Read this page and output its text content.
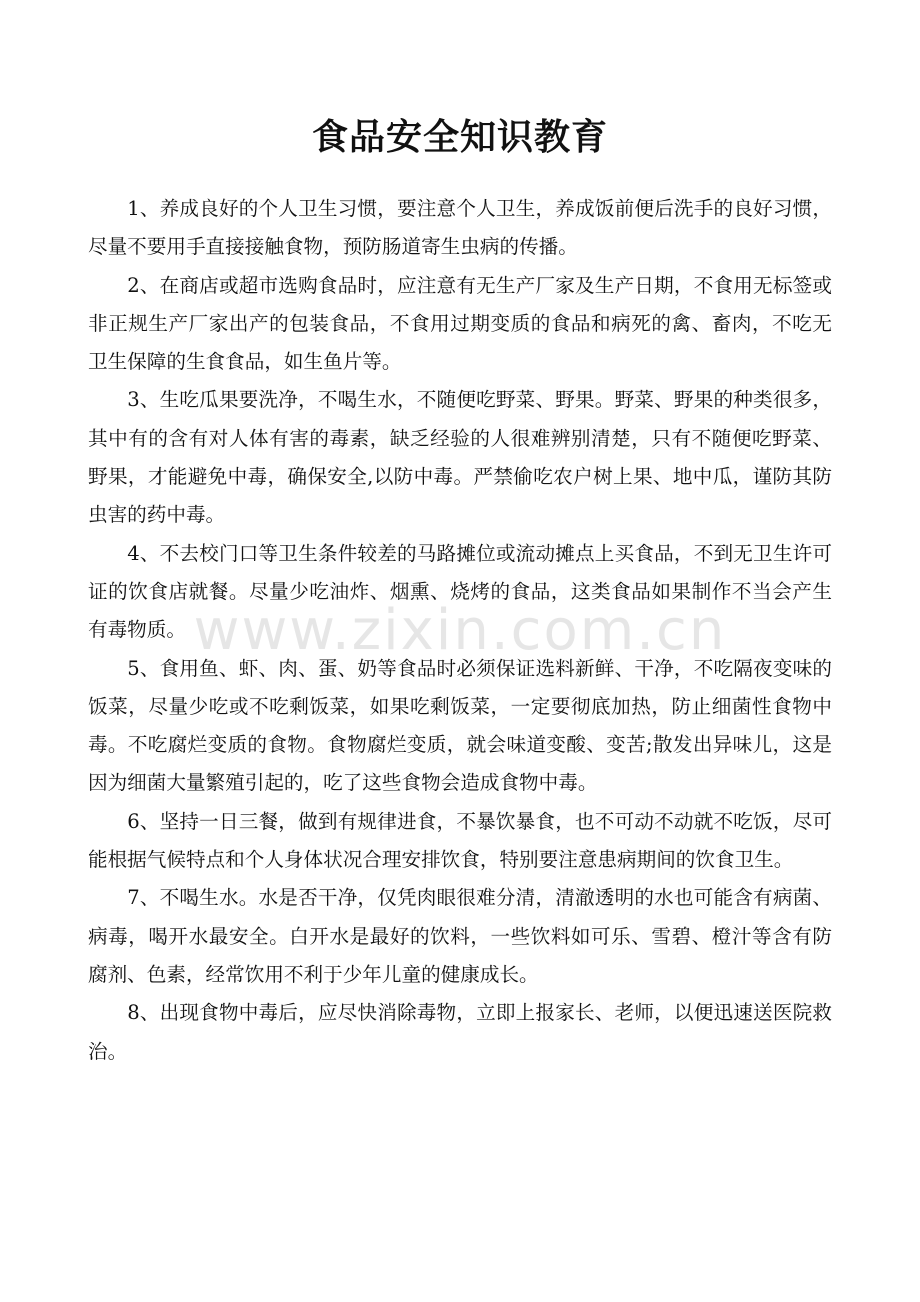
www.zixin.com.cn
食品安全知识教育

1、养成良好的个人卫生习惯，要注意个人卫生，养成饭前便后洗手的良好习惯，尽量不要用手直接接触食物，预防肠道寄生虫病的传播。

2、在商店或超市选购食品时，应注意有无生产厂家及生产日期，不食用无标签或非正规生产厂家出产的包装食品，不食用过期变质的食品和病死的禽、畜肉，不吃无卫生保障的生食食品，如生鱼片等。

3、生吃瓜果要洗净，不喝生水，不随便吃野菜、野果。野菜、野果的种类很多，其中有的含有对人体有害的毒素，缺乏经验的人很难辨别清楚，只有不随便吃野菜、野果，才能避免中毒，确保安全,以防中毒。严禁偷吃农户树上果、地中瓜，谨防其防虫害的药中毒。

4、不去校门口等卫生条件较差的马路摊位或流动摊点上买食品，不到无卫生许可证的饮食店就餐。尽量少吃油炸、烟熏、烧烤的食品，这类食品如果制作不当会产生有毒物质。

5、食用鱼、虾、肉、蛋、奶等食品时必须保证选料新鲜、干净，不吃隔夜变味的饭菜，尽量少吃或不吃剩饭菜，如果吃剩饭菜，一定要彻底加热，防止细菌性食物中毒。不吃腐烂变质的食物。食物腐烂变质，就会味道变酸、变苦;散发出异味儿，这是因为细菌大量繁殖引起的，吃了这些食物会造成食物中毒。

6、坚持一日三餐，做到有规律进食，不暴饮暴食，也不可动不动就不吃饭，尽可能根据气候特点和个人身体状况合理安排饮食，特别要注意患病期间的饮食卫生。

7、不喝生水。水是否干净，仅凭肉眼很难分清，清澈透明的水也可能含有病菌、病毒，喝开水最安全。白开水是最好的饮料，一些饮料如可乐、雪碧、橙汁等含有防腐剂、色素，经常饮用不利于少年儿童的健康成长。

8、出现食物中毒后，应尽快消除毒物，立即上报家长、老师，以便迅速送医院救治。
